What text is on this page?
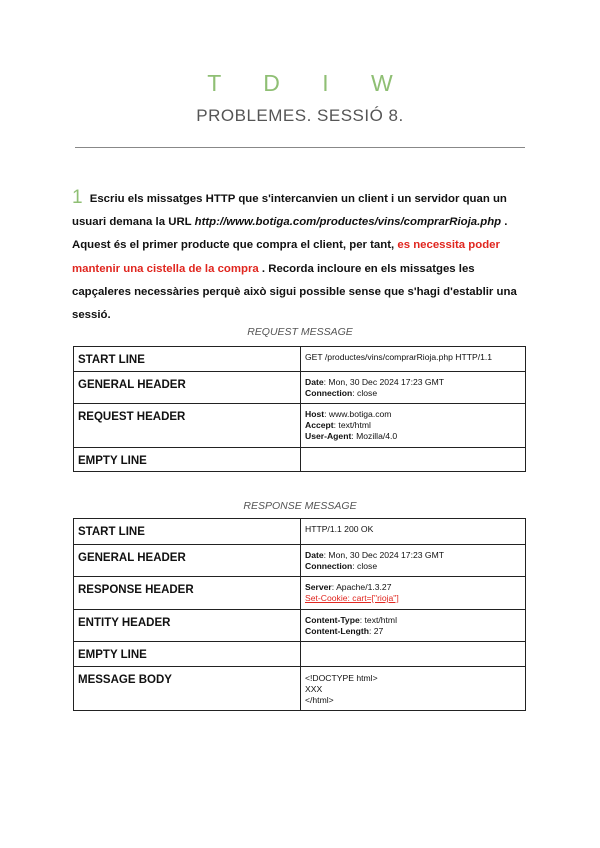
T D I W
PROBLEMES. SESSIÓ 8.
1 Escriu els missatges HTTP que s'intercanvien un client i un servidor quan un usuari demana la URL http://www.botiga.com/productes/vins/comprarRioja.php . Aquest és el primer producte que compra el client, per tant, es necessita poder mantenir una cistella de la compra . Recorda incloure en els missatges les capçaleres necessàries perquè això sigui possible sense que s'hagi d'establir una sessió.
REQUEST MESSAGE
START LINE	GET /productes/vins/comprarRioja.php HTTP/1.1
GENERAL HEADER	Date: Mon, 30 Dec 2024 17:23 GMT
Connection: close

REQUEST HEADER	Host: www.botiga.com
Accept: text/html
User-Agent: Mozilla/4.0

EMPTY LINE	
RESPONSE MESSAGE
START LINE	HTTP/1.1 200 OK
GENERAL HEADER	Date: Mon, 30 Dec 2024 17:23 GMT
Connection: close

RESPONSE HEADER	Server: Apache/1.3.27
Set-Cookie: cart=["rioja"]

ENTITY HEADER	Content-Type: text/html
Content-Length: 27

EMPTY LINE	
MESSAGE BODY	<!DOCTYPE html>
XXX
</html>
